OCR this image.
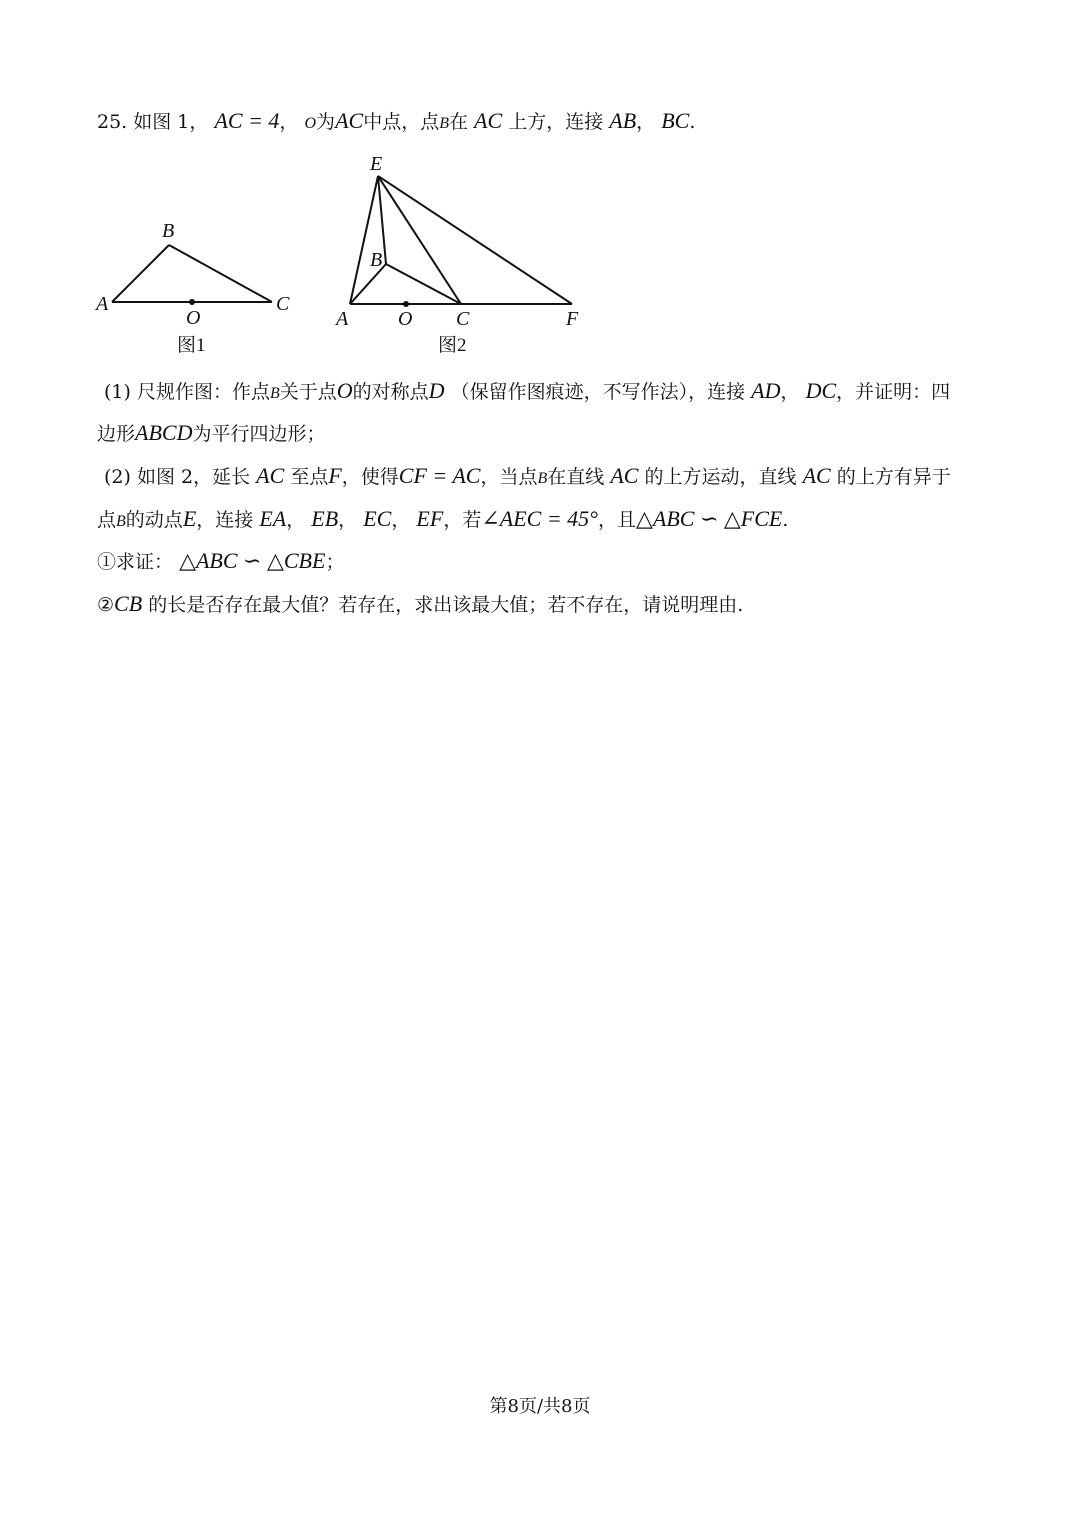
25. 如图 1， AC = 4， O为AC中点，点B在 AC 上方，连接 AB， BC.
A
B
C
O
图1
E
B
A O C	F
图2
(1) 尺规作图：作点B关于点O的对称点D （保留作图痕迹，不写作法），连接 AD， DC，并证明：四
边形ABCD为平行四边形；
(2) 如图 2，延长 AC 至点F，使得CF = AC，当点B在直线 AC 的上方运动，直线 AC 的上方有异于
点B的动点E，连接 EA， EB， EC， EF，若∠AEC = 45°，且△ABC ∽ △FCE.
①求证： △ABC ∽ △CBE；
②CB 的长是否存在最大值？若存在，求出该最大值；若不存在，请说明理由.
第8页/共8页
